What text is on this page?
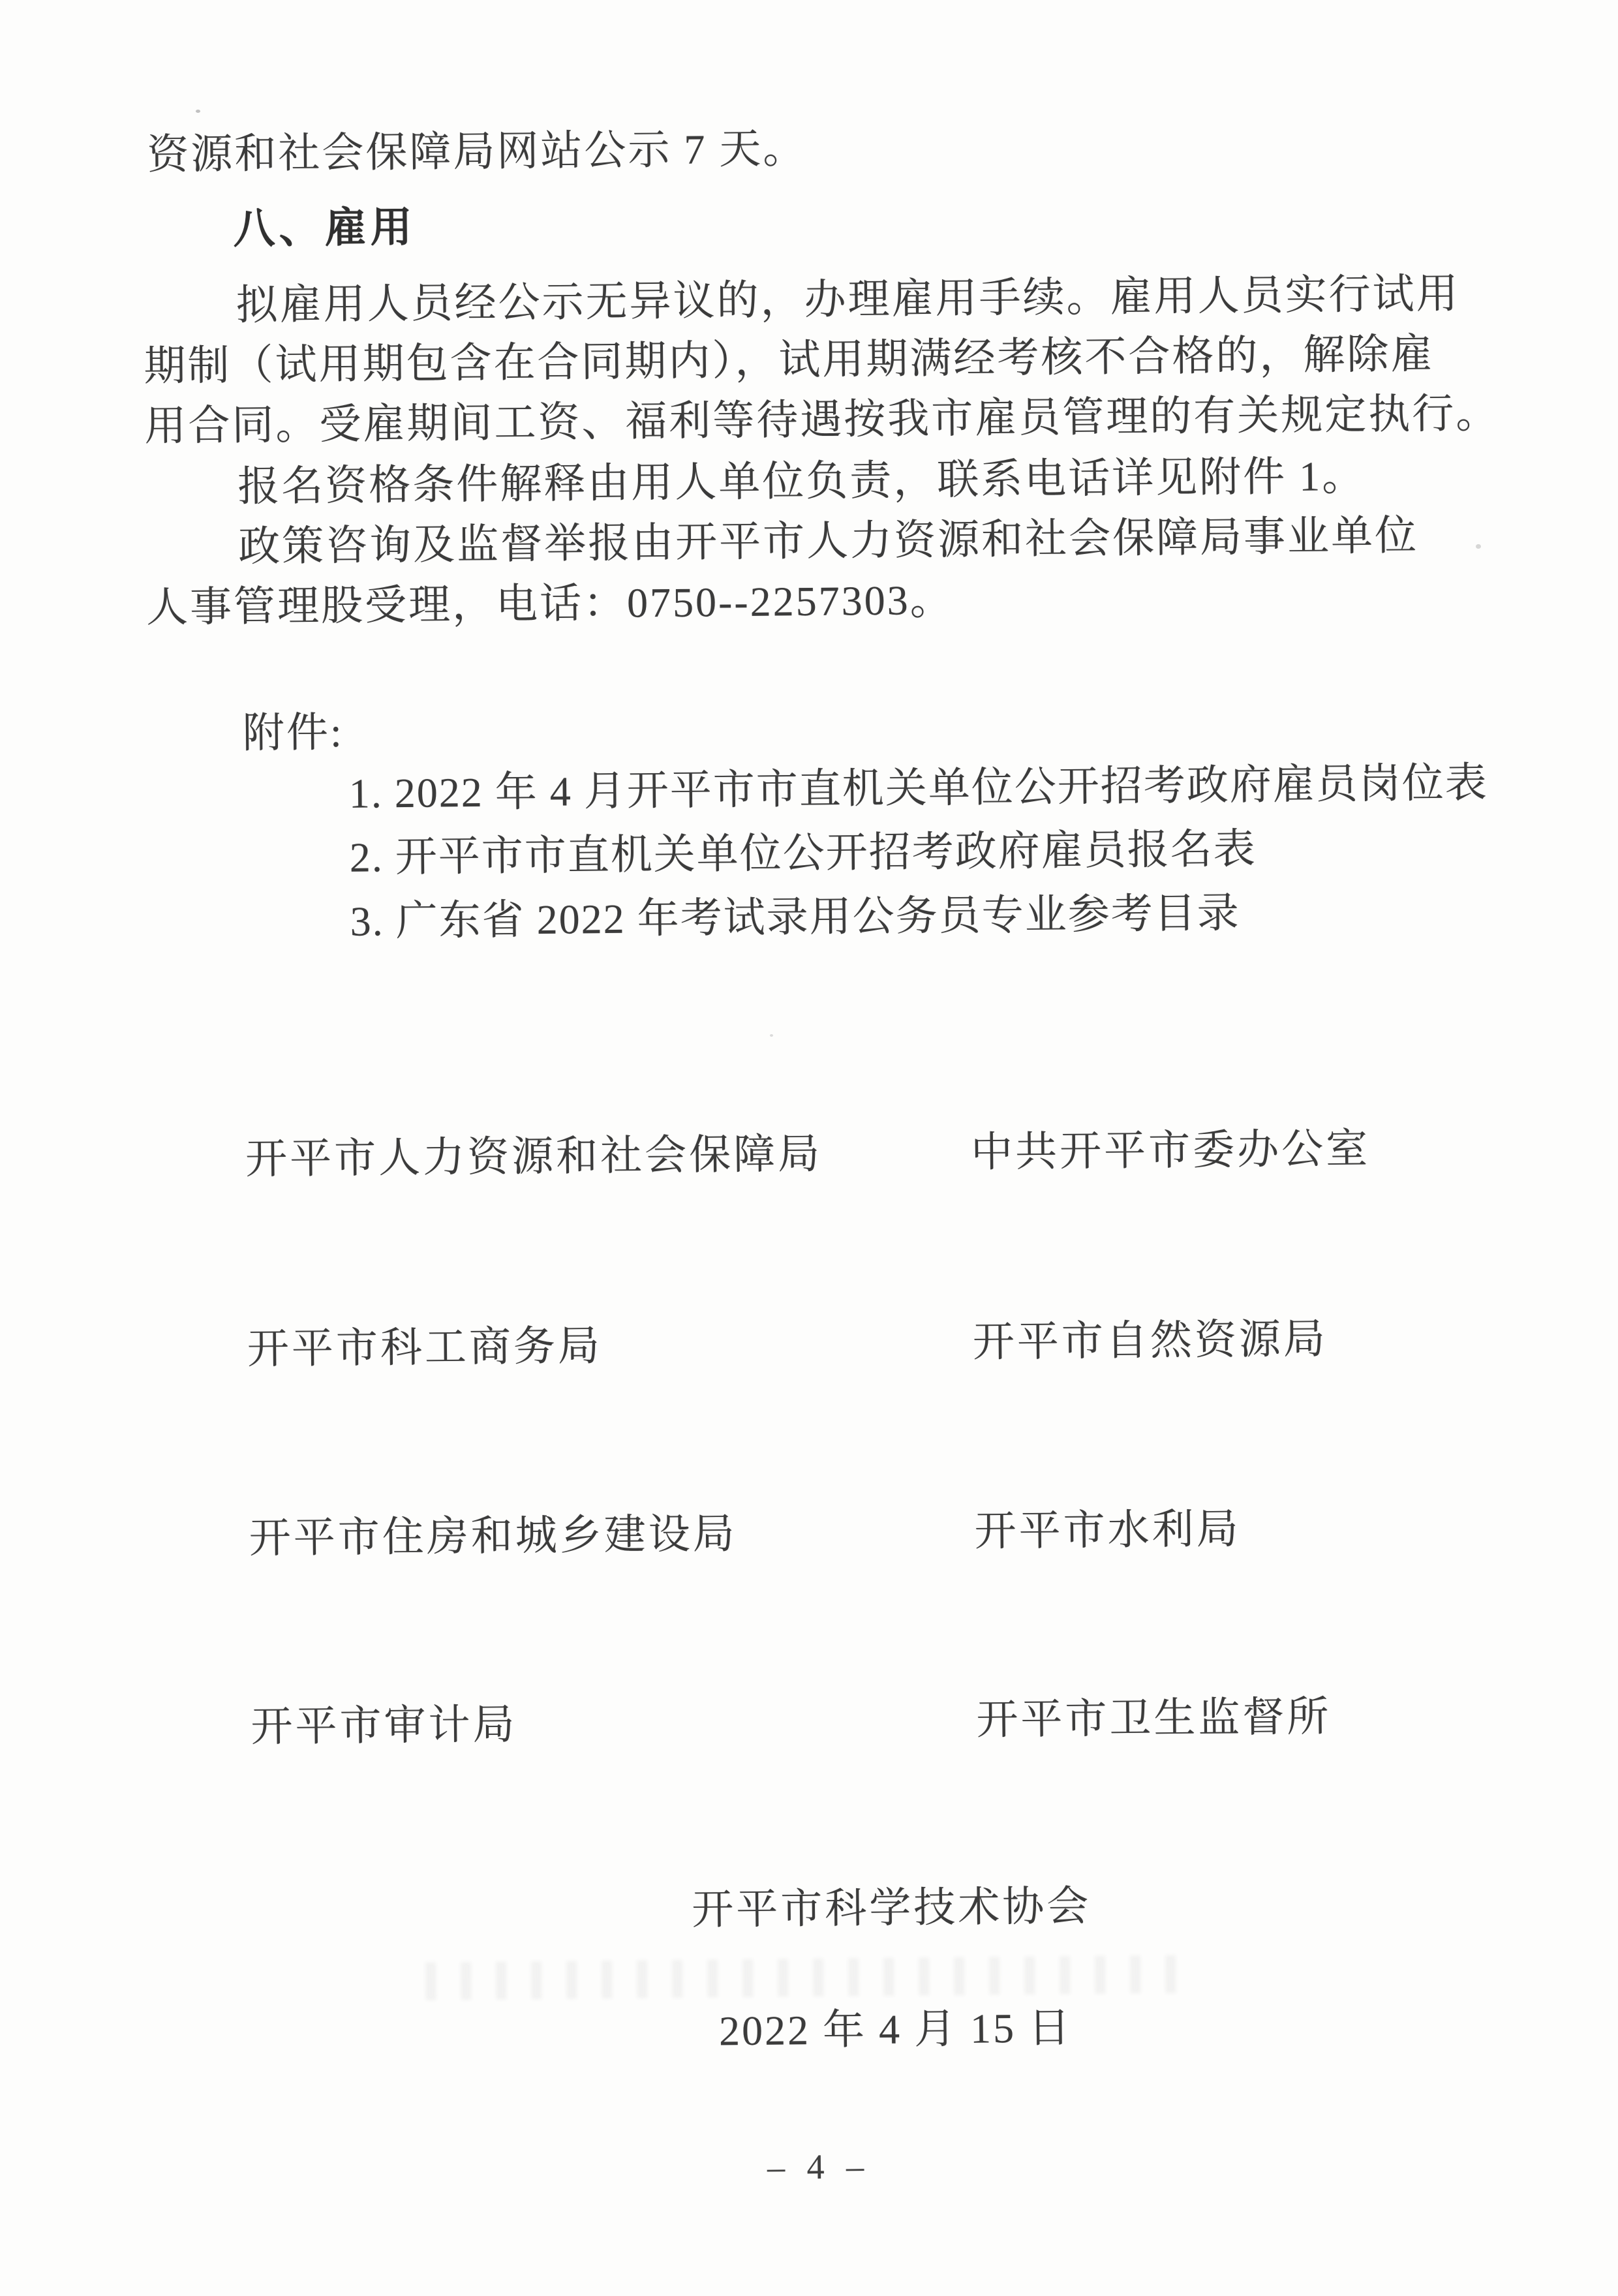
资源和社会保障局网站公示 7 天。
八、雇用
拟雇用人员经公示无异议的，办理雇用手续。雇用人员实行试用
期制（试用期包含在合同期内），试用期满经考核不合格的，解除雇
用合同。受雇期间工资、福利等待遇按我市雇员管理的有关规定执行。
报名资格条件解释由用人单位负责，联系电话详见附件 1。
政策咨询及监督举报由开平市人力资源和社会保障局事业单位
人事管理股受理，电话：0750--2257303。
附件:
1. 2022 年 4 月开平市市直机关单位公开招考政府雇员岗位表
2. 开平市市直机关单位公开招考政府雇员报名表
3. 广东省 2022 年考试录用公务员专业参考目录
开平市人力资源和社会保障局	中共开平市委办公室
开平市科工商务局	开平市自然资源局
开平市住房和城乡建设局	开平市水利局
开平市审计局	开平市卫生监督所
开平市科学技术协会
2022 年 4 月 15 日
– 4 –
